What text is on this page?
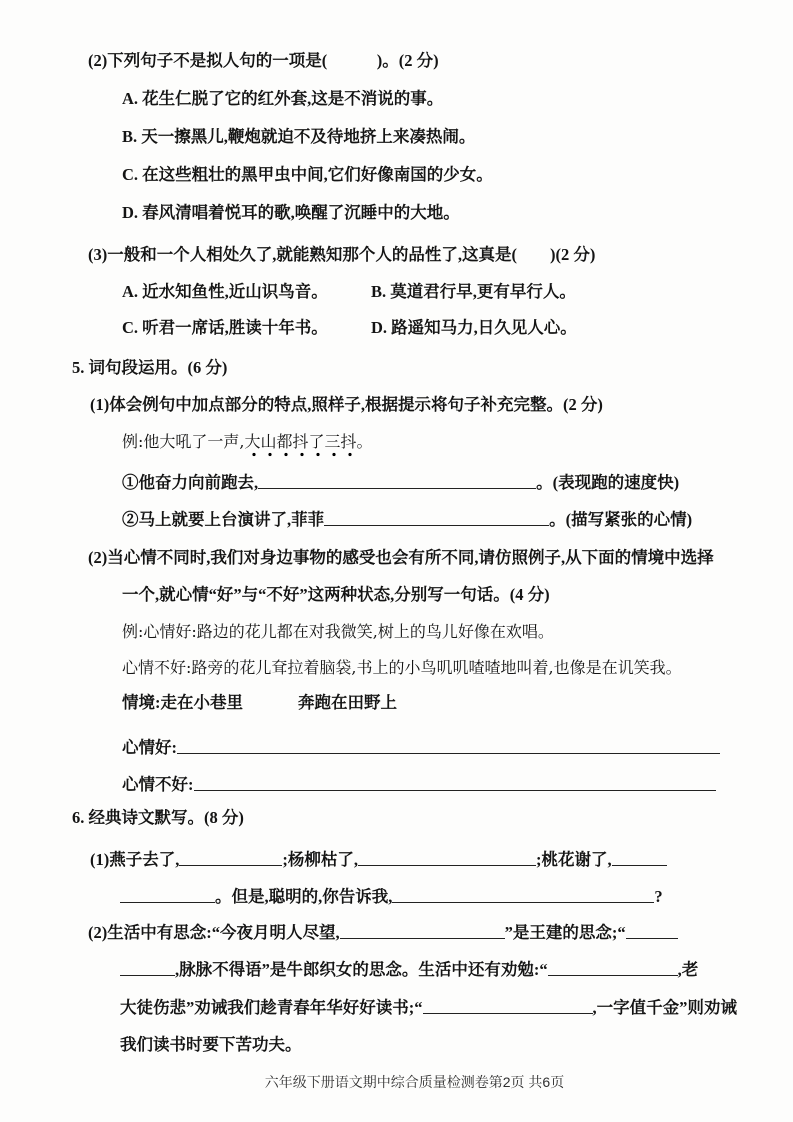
(2)下列句子不是拟人句的一项是(　　　)。(2 分)
A. 花生仁脱了它的红外套,这是不消说的事。
B. 天一擦黑儿,鞭炮就迫不及待地挤上来凑热闹。
C. 在这些粗壮的黑甲虫中间,它们好像南国的少女。
D. 春风清唱着悦耳的歌,唤醒了沉睡中的大地。
(3)一般和一个人相处久了,就能熟知那个人的品性了,这真是(　　)(2 分)
A. 近水知鱼性,近山识鸟音。	B. 莫道君行早,更有早行人。
C. 听君一席话,胜读十年书。	D. 路遥知马力,日久见人心。
5. 词句段运用。(6 分)
(1)体会例句中加点部分的特点,照样子,根据提示将句子补充完整。(2 分)
例:他大吼了一声,大山都抖了三抖。
①他奋力向前跑去,	。(表现跑的速度快)
②马上就要上台演讲了,菲菲	。(描写紧张的心情)
(2)当心情不同时,我们对身边事物的感受也会有所不同,请仿照例子,从下面的情境中选择
一个,就心情“好”与“不好”这两种状态,分别写一句话。(4 分)
例:心情好:路边的花儿都在对我微笑,树上的鸟儿好像在欢唱。
心情不好:路旁的花儿耷拉着脑袋,书上的小鸟叽叽喳喳地叫着,也像是在讥笑我。
情境:走在小巷里	奔跑在田野上
心情好:
心情不好:
6. 经典诗文默写。(8 分)
(1)燕子去了,	;杨柳枯了,	;桃花谢了,
。但是,聪明的,你告诉我,	?
(2)生活中有思念:“今夜月明人尽望,	”是王建的思念;“
,脉脉不得语”是牛郎织女的思念。生活中还有劝勉:“	,老
大徒伤悲”劝诫我们趁青春年华好好读书;“	,一字值千金”则劝诫
我们读书时要下苦功夫。
六年级下册语文期中综合质量检测卷第2页 共6页
